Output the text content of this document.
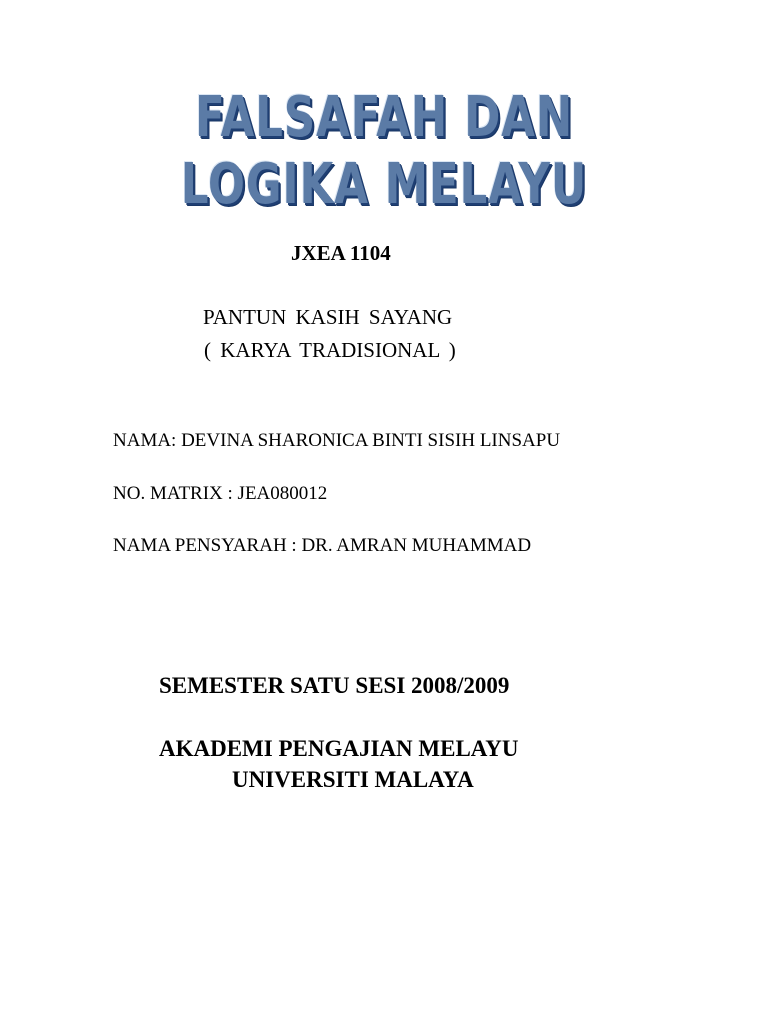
FALSAFAH DAN
LOGIKA MELAYU
JXEA 1104
PANTUN KASIH SAYANG
( KARYA TRADISIONAL )
NAMA: DEVINA SHARONICA BINTI SISIH LINSAPU
NO. MATRIX : JEA080012
NAMA PENSYARAH : DR. AMRAN MUHAMMAD
SEMESTER SATU SESI 2008/2009
AKADEMI PENGAJIAN MELAYU
UNIVERSITI MALAYA
